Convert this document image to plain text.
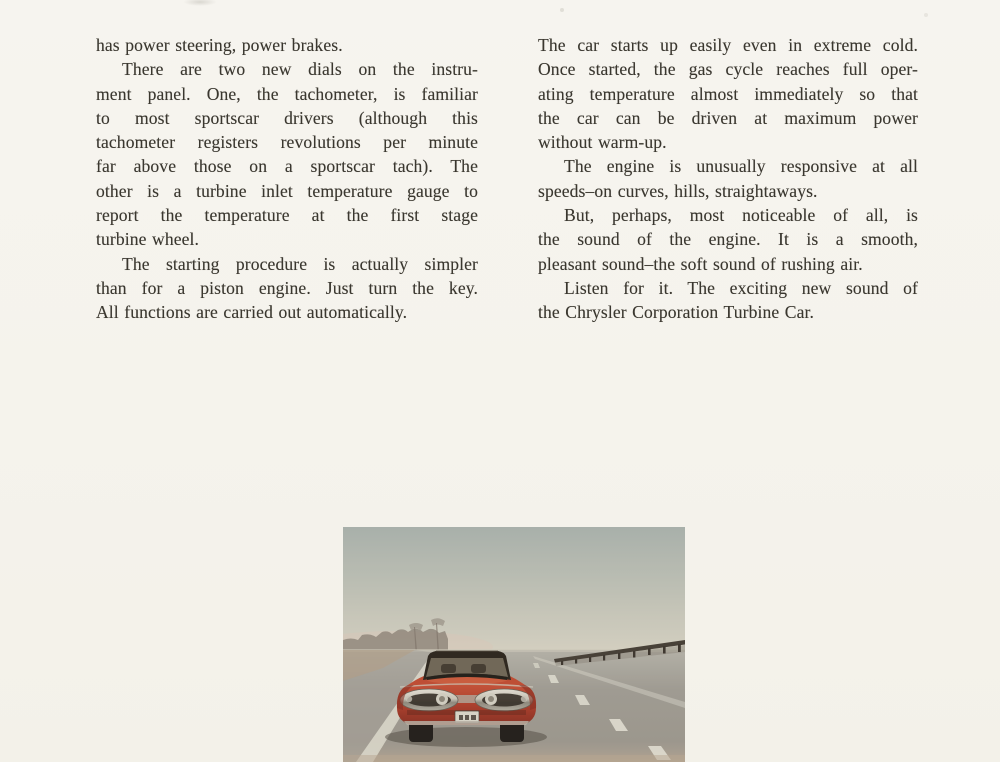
has power steering, power brakes.
There are two new dials on the instru-
ment panel. One, the tachometer, is familiar
to most sportscar drivers (although this
tachometer registers revolutions per minute
far above those on a sportscar tach). The
other is a turbine inlet temperature gauge to
report the temperature at the first stage
turbine wheel.
The starting procedure is actually simpler
than for a piston engine. Just turn the key.
All functions are carried out automatically.
The car starts up easily even in extreme cold.
Once started, the gas cycle reaches full oper-
ating temperature almost immediately so that
the car can be driven at maximum power
without warm-up.
The engine is unusually responsive at all
speeds–on curves, hills, straightaways.
But, perhaps, most noticeable of all, is
the sound of the engine. It is a smooth,
pleasant sound–the soft sound of rushing air.
Listen for it. The exciting new sound of
the Chrysler Corporation Turbine Car.
